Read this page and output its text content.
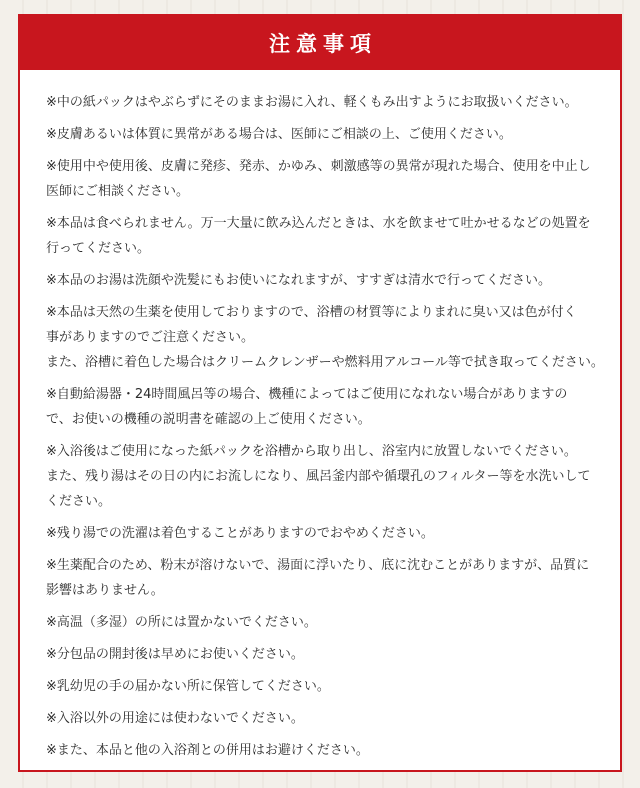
注意事項

※中の紙パックはやぶらずにそのままお湯に入れ、軽くもみ出すようにお取扱いください。

※皮膚あるいは体質に異常がある場合は、医師にご相談の上、ご使用ください。

※使用中や使用後、皮膚に発疹、発赤、かゆみ、刺激感等の異常が現れた場合、使用を中止し
医師にご相談ください。

※本品は食べられません。万一大量に飲み込んだときは、水を飲ませて吐かせるなどの処置を
行ってください。

※本品のお湯は洗顔や洗髪にもお使いになれますが、すすぎは清水で行ってください。

※本品は天然の生薬を使用しておりますので、浴槽の材質等によりまれに臭い又は色が付く
事がありますのでご注意ください。
また、浴槽に着色した場合はクリームクレンザーや燃料用アルコール等で拭き取ってください。

※自動給湯器・24時間風呂等の場合、機種によってはご使用になれない場合がありますの
で、お使いの機種の説明書を確認の上ご使用ください。

※入浴後はご使用になった紙パックを浴槽から取り出し、浴室内に放置しないでください。
また、残り湯はその日の内にお流しになり、風呂釜内部や循環孔のフィルター等を水洗いして
ください。

※残り湯での洗濯は着色することがありますのでおやめください。

※生薬配合のため、粉末が溶けないで、湯面に浮いたり、底に沈むことがありますが、品質に
影響はありません。

※高温（多湿）の所には置かないでください。

※分包品の開封後は早めにお使いください。

※乳幼児の手の届かない所に保管してください。

※入浴以外の用途には使わないでください。

※また、本品と他の入浴剤との併用はお避けください。
